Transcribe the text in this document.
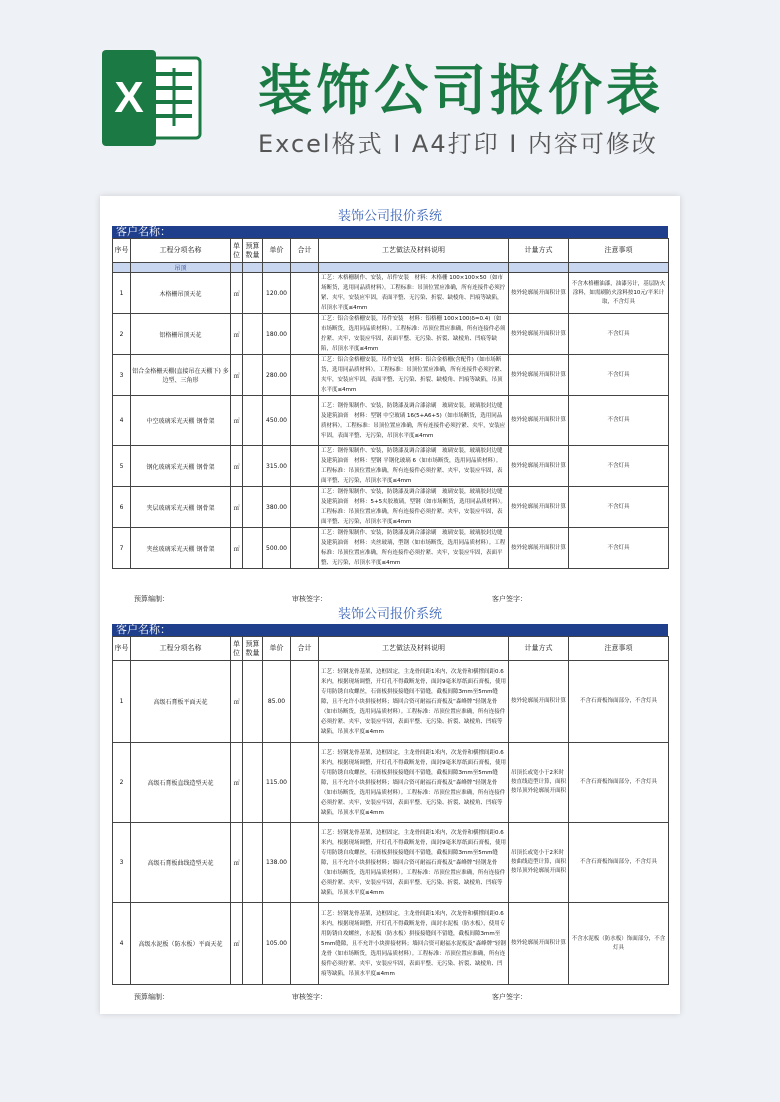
X 装饰公司报价表
Excel格式 I A4打印 I 内容可修改
装饰公司报价系统
客户名称：
序号	工程分项名称	单位	预算数量	单价	合计	工艺做法及材料说明	计量方式	注意事项
	吊顶							
1	木格栅吊顶天花	㎡		120.00		工艺：木格栅制作、安装，吊件安装　材料：木格栅 100×100×50（如市场断货，选用同品质材料）。工程标准：吊顶位置应准确，所有连接件必须拧紧、夹牢，安装应牢固，表面平整、无污染、折裂、缺棱角、凹痕等缺陷，吊顶水平度≤4mm	按外轮廓展开面积计算	不含木格栅油漆，油漆另计，基层防火涂料，如需刷防火涂料按10元/平米计取，不含灯具
2	铝格栅吊顶天花	㎡		180.00		工艺：铝合金格栅安装，吊件安装　材料：铝格栅 100×100(δ=0.4)（如市场断货，选用同品质材料）。工程标准：吊顶位置应准确，所有连接件必须拧紧、夹牢，安装应牢固，表面平整、无污染、折裂、缺棱角、凹痕等缺陷，吊顶水平度≤4mm	按外轮廓展开面积计算	不含灯具
3	铝合金格栅天棚(直接吊在天棚下) 多边型、三角形	㎡		280.00		工艺：铝合金格栅安装，吊件安装　材料：铝合金格栅(含配件)（如市场断货，选用同品质材料）。工程标准：吊顶位置应准确，所有连接件必须拧紧、夹牢，安装应牢固，表面平整、无污染、折裂、缺棱角、凹痕等缺陷，吊顶水平度≤4mm	按外轮廓展开面积计算	不含灯具
4	中空玻璃采光天棚 钢骨架	㎡		450.00		工艺：钢骨架制作、安装，防锈漆及调合漆涂刷　玻璃安装，玻璃胶封边缝及建筑油膏　材料：型钢 中空玻璃 16(5+A6+5)（如市场断货，选用同品质材料）。工程标准：吊顶位置应准确，所有连接件必须拧紧、夹牢，安装应牢固，表面平整、无污染，吊顶水平度≤4mm	按外轮廓展开面积计算	不含灯具
5	钢化玻璃采光天棚 钢骨架	㎡		315.00		工艺：钢骨架制作、安装，防锈漆及调合漆涂刷　玻璃安装，玻璃胶封边缝及建筑油膏　材料：型钢 平钢化玻璃 6（如市场断货，选用同品质材料）。工程标准：吊顶位置应准确，所有连接件必须拧紧、夹牢，安装应牢固，表面平整、无污染，吊顶水平度≤4mm	按外轮廓展开面积计算	不含灯具
6	夹层玻璃采光天棚 钢骨架	㎡		380.00		工艺：钢骨架制作、安装，防锈漆及调合漆涂刷　玻璃安装，玻璃胶封边缝及建筑油膏　材料：5+5夹胶玻璃，型钢（如市场断货，选用同品质材料）。工程标准：吊顶位置应准确，所有连接件必须拧紧、夹牢，安装应牢固，表面平整、无污染，吊顶水平度≤4mm	按外轮廓展开面积计算	不含灯具
7	夹丝玻璃采光天棚 钢骨架	㎡		500.00		工艺：钢骨架制作、安装，防锈漆及调合漆涂刷　玻璃安装，玻璃胶封边缝及建筑油膏　材料：夹丝玻璃，型钢（如市场断货，选用同品质材料）。工程标准：吊顶位置应准确，所有连接件必须拧紧、夹牢，安装应牢固，表面平整、无污染，吊顶水平度≤4mm	按外轮廓展开面积计算	不含灯具
预算编制：	审核签字：	客户签字：
装饰公司报价系统
客户名称：
序号	工程分项名称	单位	预算数量	单价	合计	工艺做法及材料说明	计量方式	注意事项
1	高级石膏板平面天花	㎡		85.00		工艺：轻钢龙骨基架，边框固定，主龙骨间距1米内，次龙骨和横撑间距0.6米内，根据现场调整，开灯孔不得截断龙骨，面封9毫米厚纸面石膏板，使用专用防锈自攻螺丝，石膏板拼接接缝间不留缝，截板间隙3mm至5mm缝隙，且不允许小块拼接材料；墙回合资可耐福石膏板及“森峰牌”轻钢龙骨（如市场断货，选用同品质材料）。工程标准：吊顶位置应准确，所有连接件必须拧紧、夹牢，安装应牢固，表面平整、无污染、折裂、缺棱角、凹痕等缺陷，吊顶水平度≤4mm	按外轮廓展开面积计算	不含石膏板饰面部分，不含灯具
2	高级石膏板直线造型天花	㎡		115.00		工艺：轻钢龙骨基架，边框固定，主龙骨间距1米内，次龙骨和横撑间距0.6米内，根据现场调整，开灯孔不得截断龙骨，面封9毫米厚纸面石膏板，使用专用防锈自攻螺丝，石膏板拼接接缝间不留缝，截板间隙3mm至5mm缝隙，且不允许小块拼接材料；墙回合资可耐福石膏板及“森峰牌”轻钢龙骨（如市场断货，选用同品质材料）。工程标准：吊顶位置应准确，所有连接件必须拧紧、夹牢，安装应牢固，表面平整、无污染、折裂、缺棱角、凹痕等缺陷，吊顶水平度≤4mm	吊顶长或宽小于2米时按直线造型计算，面积按吊顶外轮廓展开面积	不含石膏板饰面部分，不含灯具
3	高级石膏板曲线造型天花	㎡		138.00		工艺：轻钢龙骨基架，边框固定，主龙骨间距1米内，次龙骨和横撑间距0.6米内，根据现场调整，开灯孔不得截断龙骨，面封9毫米厚纸面石膏板，使用专用防锈自攻螺丝，石膏板拼接接缝间不留缝，截板间隙3mm至5mm缝隙，且不允许小块拼接材料；墙回合资可耐福石膏板及“森峰牌”轻钢龙骨（如市场断货，选用同品质材料）。工程标准：吊顶位置应准确，所有连接件必须拧紧、夹牢，安装应牢固，表面平整、无污染、折裂、缺棱角、凹痕等缺陷，吊顶水平度≤4mm	吊顶长或宽小于2米时按曲线造型计算，面积按吊顶外轮廓展开面积	不含石膏板饰面部分，不含灯具
4	高级水泥板（防水板）平面天花	㎡		105.00		工艺：轻钢龙骨基架，边框固定，主龙骨间距1米内，次龙骨和横撑间距0.6米内，根据现场调整，开灯孔不得截断龙骨，面封水泥板（防水板），使用专用防锈自攻螺丝，水泥板（防水板）拼接接缝间不留缝，截板间隙3mm至5mm缝隙，且不允许小块拼接材料；墙回合资可耐福水泥板及“森峰牌”轻钢龙骨（如市场断货，选用同品质材料）。工程标准：吊顶位置应准确，所有连接件必须拧紧、夹牢，安装应牢固，表面平整、无污染、折裂、缺棱角、凹痕等缺陷，吊顶水平度≤4mm	按外轮廓展开面积计算	不含水泥板（防水板）饰面部分，不含灯具
预算编制：	审核签字：	客户签字：
